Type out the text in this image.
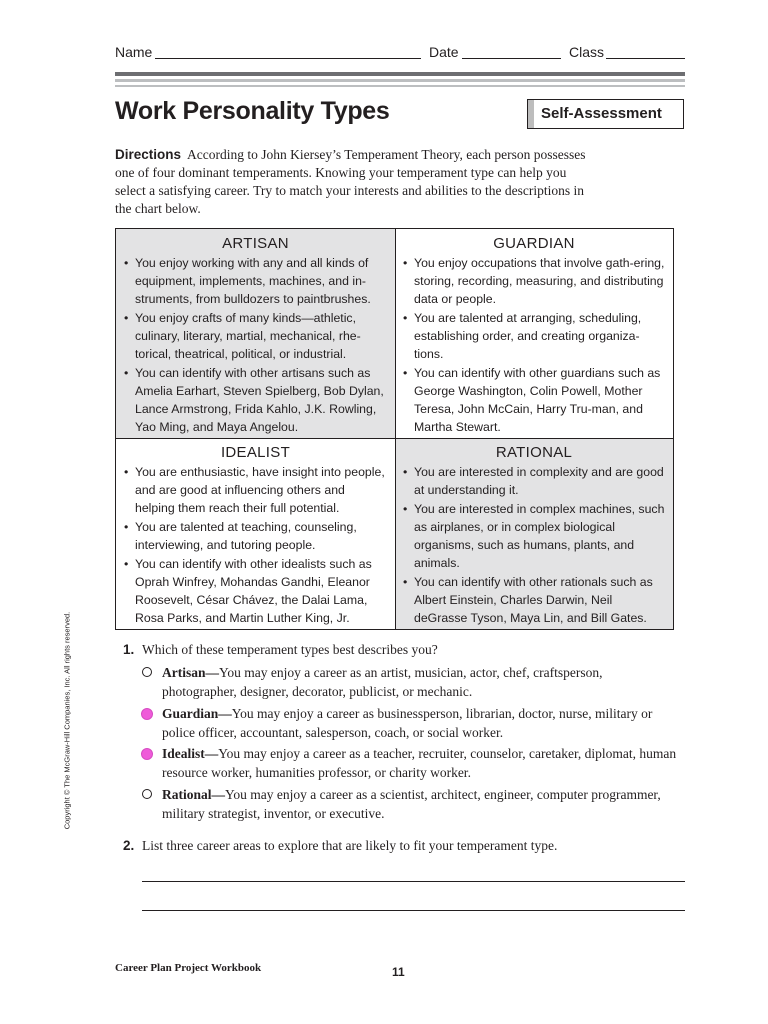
Name	Date	Class
Work Personality Types	Self-Assessment
Directions According to John Kiersey’s Temperament Theory, each person possesses one of four dominant temperaments. Knowing your temperament type can help you select a satisfying career. Try to match your interests and abilities to the descriptions in the chart below.
ARTISAN
• You enjoy working with any and all kinds of equipment, implements, machines, and in-struments, from bulldozers to paintbrushes.
• You enjoy crafts of many kinds—athletic, culinary, literary, martial, mechanical, rhe-torical, theatrical, political, or industrial.
• You can identify with other artisans such as Amelia Earhart, Steven Spielberg, Bob Dylan, Lance Armstrong, Frida Kahlo, J.K. Rowling, Yao Ming, and Maya Angelou.
GUARDIAN
• You enjoy occupations that involve gath-ering, storing, recording, measuring, and distributing data or people.
• You are talented at arranging, scheduling, establishing order, and creating organiza-tions.
• You can identify with other guardians such as George Washington, Colin Powell, Mother Teresa, John McCain, Harry Tru-man, and Martha Stewart.
IDEALIST
• You are enthusiastic, have insight into people, and are good at influencing others and helping them reach their full potential.
• You are talented at teaching, counseling, interviewing, and tutoring people.
• You can identify with other idealists such as Oprah Winfrey, Mohandas Gandhi, Eleanor Roosevelt, César Chávez, the Dalai Lama, Rosa Parks, and Martin Luther King, Jr.
RATIONAL
• You are interested in complexity and are good at understanding it.
• You are interested in complex machines, such as airplanes, or in complex biological organisms, such as humans, plants, and animals.
• You can identify with other rationals such as Albert Einstein, Charles Darwin, Neil deGrasse Tyson, Maya Lin, and Bill Gates.
1. Which of these temperament types best describes you?
Artisan—You may enjoy a career as an artist, musician, actor, chef, craftsperson, photographer, designer, decorator, publicist, or mechanic.
Guardian—You may enjoy a career as businessperson, librarian, doctor, nurse, military or police officer, accountant, salesperson, coach, or social worker.
Idealist—You may enjoy a career as a teacher, recruiter, counselor, caretaker, diplomat, human resource worker, humanities professor, or charity worker.
Rational—You may enjoy a career as a scientist, architect, engineer, computer programmer, military strategist, inventor, or executive.
2. List three career areas to explore that are likely to fit your temperament type.
Career Plan Project Workbook	11
Copyright © The McGraw-Hill Companies, Inc. All rights reserved.
